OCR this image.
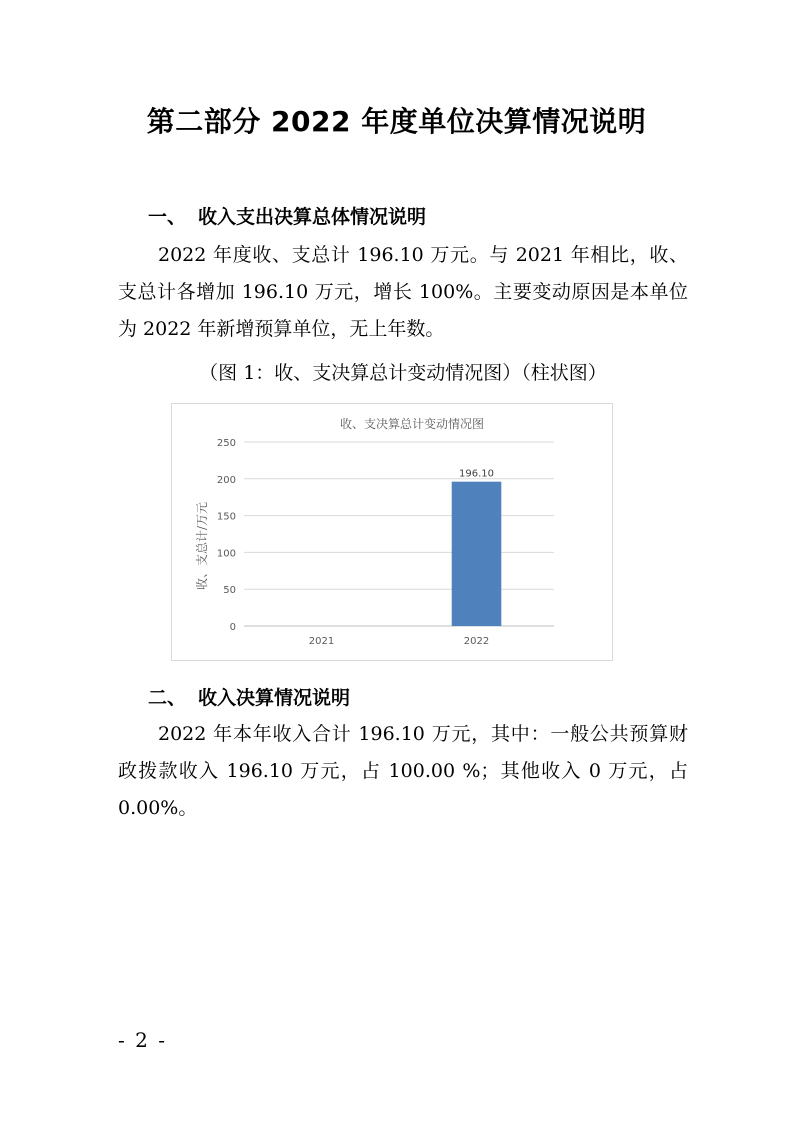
第二部分 2022 年度单位决算情况说明
一、 收入支出决算总体情况说明

2022 年度收、支总计 196.10 万元。与 2021 年相比，收、支总计各增加 196.10 万元，增长 100%。主要变动原因是本单位为 2022 年新增预算单位，无上年数。

（图 1：收、支决算总计变动情况图）（柱状图）

收、支决算总计变动情况图
收、支总计/万元
0
50
100
150
200
250
196.10
2021	2022
二、 收入决算情况说明

2022 年本年收入合计 196.10 万元，其中：一般公共预算财政拨款收入 196.10 万元，占 100.00 %；其他收入 0 万元，占 0.00%。

- 2 -
